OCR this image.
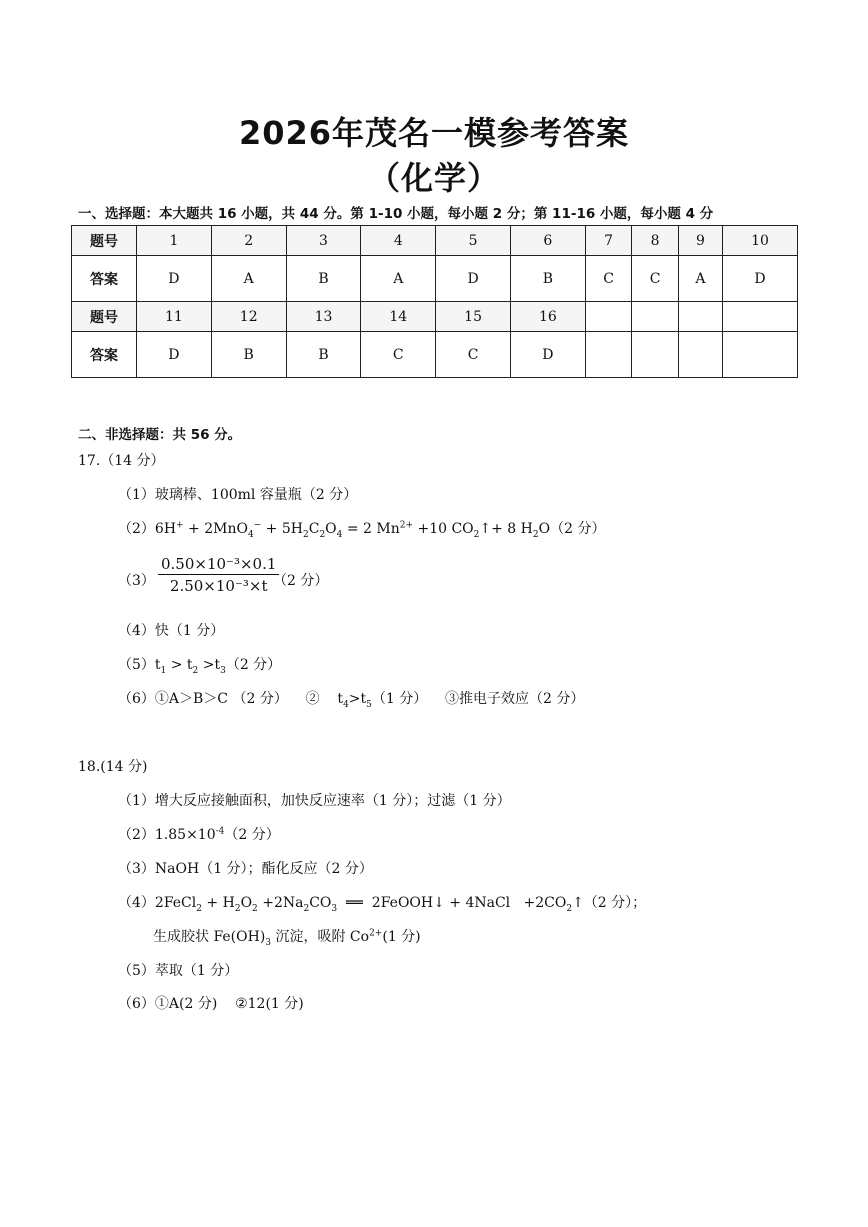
2026年茂名一模参考答案
（化学）
一、选择题：本大题共 16 小题，共 44 分。第 1-10 小题，每小题 2 分；第 11-16 小题，每小题 4 分
题号	1	2	3	4	5	6	7	8	9	10
答案	D	A	B	A	D	B	C	C	A	D
题号	11	12	13	14	15	16				
答案	D	B	B	C	C	D				
二、非选择题：共 56 分。
17.（14 分）
（1）玻璃棒、100ml 容量瓶（2 分）
$(2)6H^+ + 2MnO_4^- + 5H_2C_2O_4 = 2$ $Mn^{2+} +10$ $CO_2↑+ 8$ $H_2O(2$ 分）
$(3) \frac{\text{0.50×10⁻³×0.1}}{\text{2.50×10⁻³×t}}$
（2 分）
（4）快（1 分）
$(5)t_1 > t_2 >t_3(2$ 分）
（6）①A＞B＞C （2 分）    ②    $t_4>t_5(1$ 分）    ③推电子效应（2 分）
18.(14 分)
（1）增大反应接触面积，加快反应速率（1 分）；过滤（1 分）
$(2)1.85\times 10^{-4}(2$ 分）
（3）NaOH（1 分）；酯化反应（2 分）
（4）2FeCl$_2$ + $H_2O_2 +2Na_2CO_3$  ══  2FeOOH↓ + 4NaCl   $+2CO_2↑(2$ 分）；
生成胶状 $Fe(OH)_3$ 沉淀，吸附 $Co^{2+}(1$ 分)
（5）萃取（1 分）
（6）①A(2 分)    ②12(1 分)
